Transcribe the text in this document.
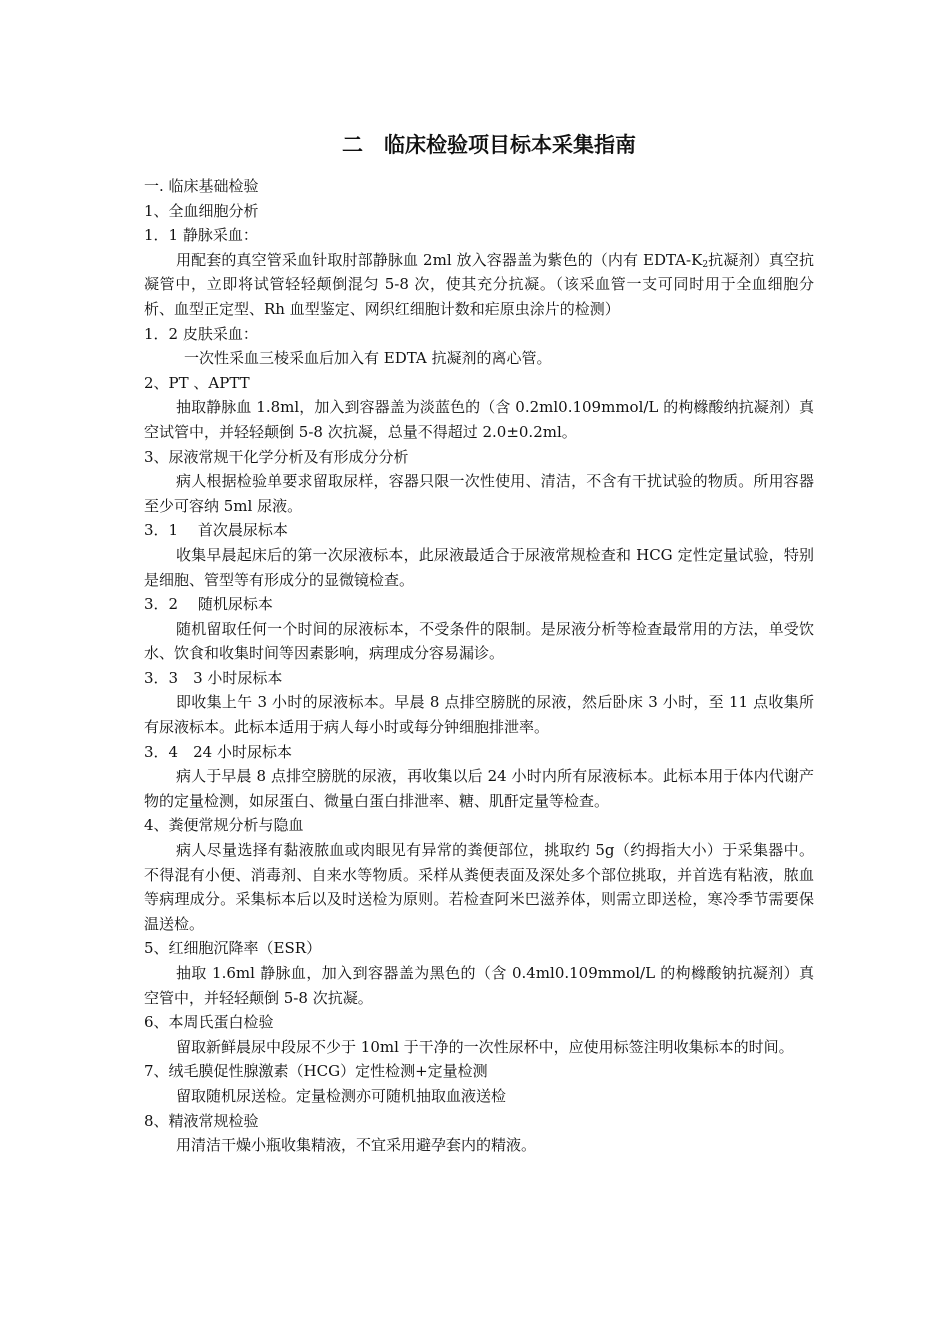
二　临床检验项目标本采集指南
一. 临床基础检验
1、全血细胞分析
1．1 静脉采血：
用配套的真空管采血针取肘部静脉血 2ml 放入容器盖为紫色的（内有 EDTA-$K_2$抗凝剂）真空抗凝管中，立即将试管轻轻颠倒混匀 5-8 次，使其充分抗凝。（该采血管一支可同时用于全血细胞分析、血型正定型、Rh 血型鉴定、网织红细胞计数和疟原虫涂片的检测）
1．2 皮肤采血：
一次性采血三棱采血后加入有 EDTA 抗凝剂的离心管。
2、PT 、APTT
抽取静脉血 1.8ml，加入到容器盖为淡蓝色的（含 0.2ml0.109mmol/L 的枸橼酸纳抗凝剂）真空试管中，并轻轻颠倒 5-8 次抗凝，总量不得超过 2.0±0.2ml。
3、尿液常规干化学分析及有形成分分析
病人根据检验单要求留取尿样，容器只限一次性使用、清洁，不含有干扰试验的物质。所用容器至少可容纳 5ml 尿液。
3．1　 首次晨尿标本
收集早晨起床后的第一次尿液标本，此尿液最适合于尿液常规检查和 HCG 定性定量试验，特别是细胞、管型等有形成分的显微镜检查。
3．2　 随机尿标本
随机留取任何一个时间的尿液标本，不受条件的限制。是尿液分析等检查最常用的方法，单受饮水、饮食和收集时间等因素影响，病理成分容易漏诊。
3．3　3 小时尿标本
即收集上午 3 小时的尿液标本。早晨 8 点排空膀胱的尿液，然后卧床 3 小时，至 11 点收集所有尿液标本。此标本适用于病人每小时或每分钟细胞排泄率。
3．4　24 小时尿标本
病人于早晨 8 点排空膀胱的尿液，再收集以后 24 小时内所有尿液标本。此标本用于体内代谢产物的定量检测，如尿蛋白、微量白蛋白排泄率、糖、肌酐定量等检查。
4、粪便常规分析与隐血
病人尽量选择有黏液脓血或肉眼见有异常的粪便部位，挑取约 5g（约拇指大小）于采集器中。不得混有小便、消毒剂、自来水等物质。采样从粪便表面及深处多个部位挑取，并首选有粘液，脓血等病理成分。采集标本后以及时送检为原则。若检查阿米巴滋养体，则需立即送检，寒冷季节需要保温送检。
5、红细胞沉降率（ESR）
抽取 1.6ml 静脉血，加入到容器盖为黑色的（含 0.4ml0.109mmol/L 的枸橼酸钠抗凝剂）真空管中，并轻轻颠倒 5-8 次抗凝。
6、本周氏蛋白检验
留取新鲜晨尿中段尿不少于 10ml 于干净的一次性尿杯中，应使用标签注明收集标本的时间。
7、绒毛膜促性腺激素（HCG）定性检测+定量检测
留取随机尿送检。定量检测亦可随机抽取血液送检
8、精液常规检验
用清洁干燥小瓶收集精液，不宜采用避孕套内的精液。
